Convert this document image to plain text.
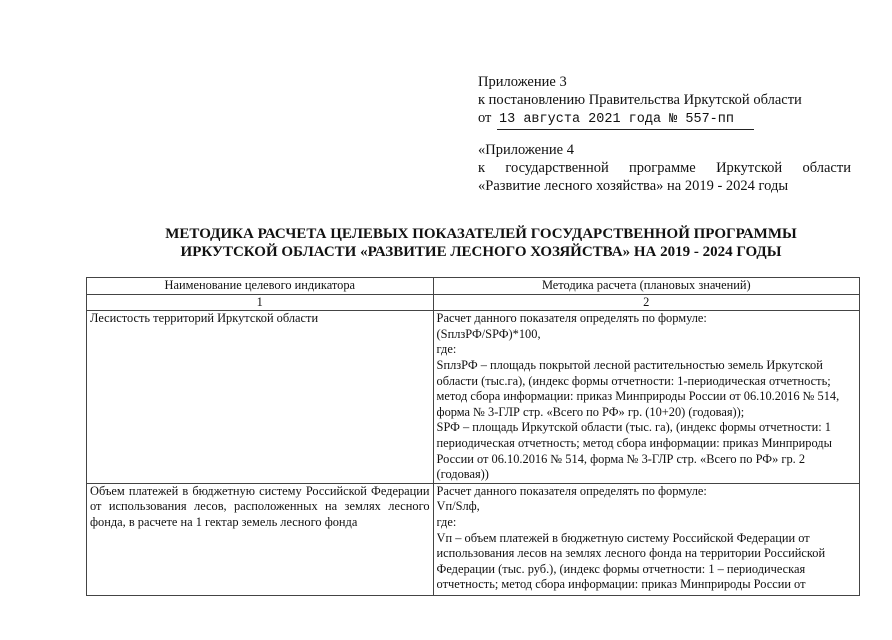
Приложение 3
к постановлению Правительства Иркутской области
от 13 августа 2021 года № 557-пп
«Приложение 4
к государственной программе Иркутской области
«Развитие лесного хозяйства» на 2019 - 2024 годы
МЕТОДИКА РАСЧЕТА ЦЕЛЕВЫХ ПОКАЗАТЕЛЕЙ ГОСУДАРСТВЕННОЙ ПРОГРАММЫ
ИРКУТСКОЙ ОБЛАСТИ «РАЗВИТИЕ ЛЕСНОГО ХОЗЯЙСТВА» НА 2019 - 2024 ГОДЫ
Наименование целевого индикатора	Методика расчета (плановых значений)
1	2
Лесистость территорий Иркутской области	Расчет данного показателя определять по формуле:
(SплзРФ/SРФ)*100,
где:
SплзРФ – площадь покрытой лесной растительностью земель Иркутской области (тыс.га), (индекс формы отчетности: 1-периодическая отчетность; метод сбора информации: приказ Минприроды России от 06.10.2016 № 514, форма № 3-ГЛР стр. «Всего по РФ» гр. (10+20) (годовая));
SРФ – площадь Иркутской области (тыс. га), (индекс формы отчетности: 1 периодическая отчетность; метод сбора информации: приказ Минприроды России от 06.10.2016 № 514, форма № 3-ГЛР стр. «Всего по РФ» гр. 2 (годовая))

Объем платежей в бюджетную систему Российской Федерации от использования лесов, расположенных на землях лесного фонда, в расчете на 1 гектар земель лесного фонда	Расчет данного показателя определять по формуле:
Vп/Sлф,
где:
Vп – объем платежей в бюджетную систему Российской Федерации от использования лесов на землях лесного фонда на территории Российской Федерации (тыс. руб.), (индекс формы отчетности: 1 – периодическая отчетность; метод сбора информации: приказ Минприроды России от
